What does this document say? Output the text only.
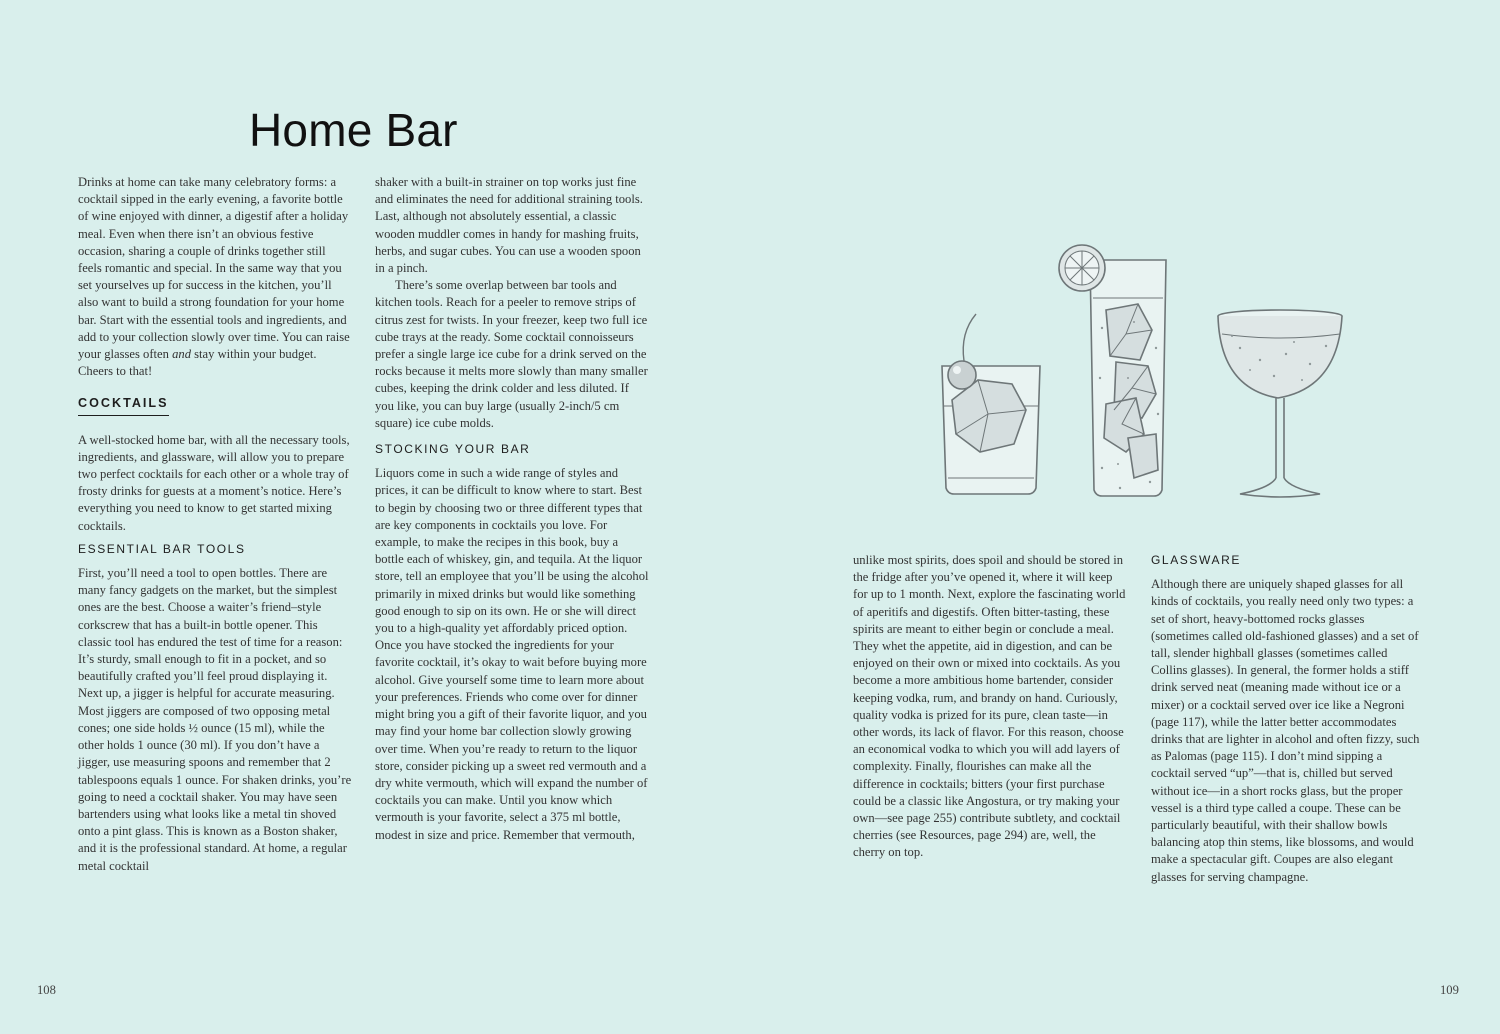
Home Bar

Drinks at home can take many celebratory forms: a cocktail sipped in the early evening, a favorite bottle of wine enjoyed with dinner, a digestif after a holiday meal. Even when there isn’t an obvious festive occasion, sharing a couple of drinks together still feels romantic and special. In the same way that you set yourselves up for success in the kitchen, you’ll also want to build a strong foundation for your home bar. Start with the essential tools and ingredients, and add to your collection slowly over time. You can raise your glasses often and stay within your budget. Cheers to that!

COCKTAILS

A well-stocked home bar, with all the necessary tools, ingredients, and glassware, will allow you to prepare two perfect cocktails for each other or a whole tray of frosty drinks for guests at a moment’s notice. Here’s everything you need to know to get started mixing cocktails.

ESSENTIAL BAR TOOLS

First, you’ll need a tool to open bottles. There are many fancy gadgets on the market, but the simplest ones are the best. Choose a waiter’s friend–style corkscrew that has a built-in bottle opener. This classic tool has endured the test of time for a reason: It’s sturdy, small enough to fit in a pocket, and so beautifully crafted you’ll feel proud displaying it. Next up, a jigger is helpful for accurate measuring. Most jiggers are composed of two opposing metal cones; one side holds ½ ounce (15 ml), while the other holds 1 ounce (30 ml). If you don’t have a jigger, use measuring spoons and remember that 2 tablespoons equals 1 ounce. For shaken drinks, you’re going to need a cocktail shaker. You may have seen bartenders using what looks like a metal tin shoved onto a pint glass. This is known as a Boston shaker, and it is the professional standard. At home, a regular metal cocktail

shaker with a built-in strainer on top works just fine and eliminates the need for additional straining tools. Last, although not absolutely essential, a classic wooden muddler comes in handy for mashing fruits, herbs, and sugar cubes. You can use a wooden spoon in a pinch.

There’s some overlap between bar tools and kitchen tools. Reach for a peeler to remove strips of citrus zest for twists. In your freezer, keep two full ice cube trays at the ready. Some cocktail connoisseurs prefer a single large ice cube for a drink served on the rocks because it melts more slowly than many smaller cubes, keeping the drink colder and less diluted. If you like, you can buy large (usually 2-inch/5 cm square) ice cube molds.

STOCKING YOUR BAR

Liquors come in such a wide range of styles and prices, it can be difficult to know where to start. Best to begin by choosing two or three different types that are key components in cocktails you love. For example, to make the recipes in this book, buy a bottle each of whiskey, gin, and tequila. At the liquor store, tell an employee that you’ll be using the alcohol primarily in mixed drinks but would like something good enough to sip on its own. He or she will direct you to a high-quality yet affordably priced option. Once you have stocked the ingredients for your favorite cocktail, it’s okay to wait before buying more alcohol. Give yourself some time to learn more about your preferences. Friends who come over for dinner might bring you a gift of their favorite liquor, and you may find your home bar collection slowly growing over time. When you’re ready to return to the liquor store, consider picking up a sweet red vermouth and a dry white vermouth, which will expand the number of cocktails you can make. Until you know which vermouth is your favorite, select a 375 ml bottle, modest in size and price. Remember that vermouth,

unlike most spirits, does spoil and should be stored in the fridge after you’ve opened it, where it will keep for up to 1 month. Next, explore the fascinating world of aperitifs and digestifs. Often bitter-tasting, these spirits are meant to either begin or conclude a meal. They whet the appetite, aid in digestion, and can be enjoyed on their own or mixed into cocktails. As you become a more ambitious home bartender, consider keeping vodka, rum, and brandy on hand. Curiously, quality vodka is prized for its pure, clean taste—in other words, its lack of flavor. For this reason, choose an economical vodka to which you will add layers of complexity. Finally, flourishes can make all the difference in cocktails; bitters (your first purchase could be a classic like Angostura, or try making your own—see page 255) contribute subtlety, and cocktail cherries (see Resources, page 294) are, well, the cherry on top.

GLASSWARE

Although there are uniquely shaped glasses for all kinds of cocktails, you really need only two types: a set of short, heavy-bottomed rocks glasses (sometimes called old-fashioned glasses) and a set of tall, slender highball glasses (sometimes called Collins glasses). In general, the former holds a stiff drink served neat (meaning made without ice or a mixer) or a cocktail served over ice like a Negroni (page 117), while the latter better accommodates drinks that are lighter in alcohol and often fizzy, such as Palomas (page 115). I don’t mind sipping a cocktail served “up”—that is, chilled but served without ice—in a short rocks glass, but the proper vessel is a third type called a coupe. These can be particularly beautiful, with their shallow bowls balancing atop thin stems, like blossoms, and would make a spectacular gift. Coupes are also elegant glasses for serving champagne.

108	109
